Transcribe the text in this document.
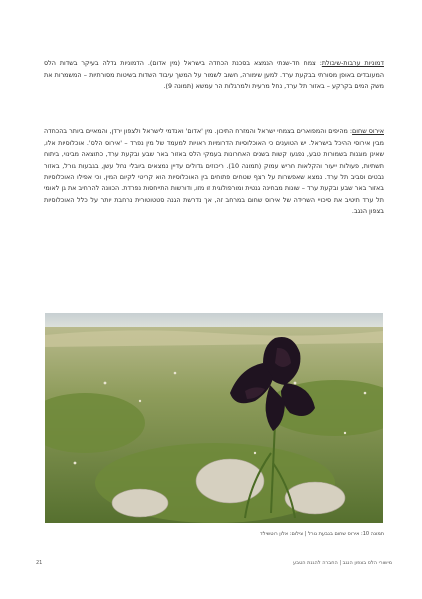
דמוניות ערבות-שיבולת: צמח חד-שנתי הנמצא בסכנת הכחדה בישראל (מין אדום). הדמוניות גדלה בעיקר בשדות הלס המעובדים באופן מסורתי בבקעת ערד. למען שימורה, חשוב לשמור על המשך עיבוד השדות בשיטות מסורתיות – המשמרות את משק המים בקרקע – באזור תל ערד, נחל מרעית ולמרגלות הר עמשא (תמונה 9).

אירוס שחום: מהיפים והמפוארים בצמחי ישראל והמזרח התיכון. מין 'אדום' ואנדמי לישראל ולצפון ירדן, והמאיים ביותר בהכחדה מבין אירוסי ההיכל בישראל. יש הטוענים כי האוכלוסיות הדרומיות ראויות למעמד של מין נפרד – 'אירוס הלס'. אוכלוסיות אלו, שאינן מוגנות בשמורות טבע, נפגעו קשות בשנים האחרונות בעמקי הלס באזור באר שבע ובקעת ערד, כתוצאה מבינוי, ביתוח תשתיות, פעולות ייעור והקלאות חריש עמוק (תמונה 10). ריכוזים גדולים עדיין נמצאים ביובלי נחל עשן, בגבעות גורל, באזור נבטים וסביב תל ערד. נמצא שאפשרות על רצף שטחים פתוחים בין האוכלוסיות הוא קריטי לקיום המין, וכי אפילו האוכלוסיות באזור באר שבע ובקעת ערד – שונות מבחינה גנטית ומורפולוגית זו מזו, ודורשות התייחסות נפרדת. הכוונה להרחיב את גן לאומי תל ערד תיטיב את סיכויי השרידה של אירוס שחום במרחב זה, אך נדרשת הגנה סטטוטורית נרחבת יותר על כלל האוכלוסיות בצפון הנגב.

תמונה 10: אירוס שחום בגבעת גורל | צילום: אלון רוטשילד
מישורי הלס בצפון הנגב | החברה להגנת הטבע
21
